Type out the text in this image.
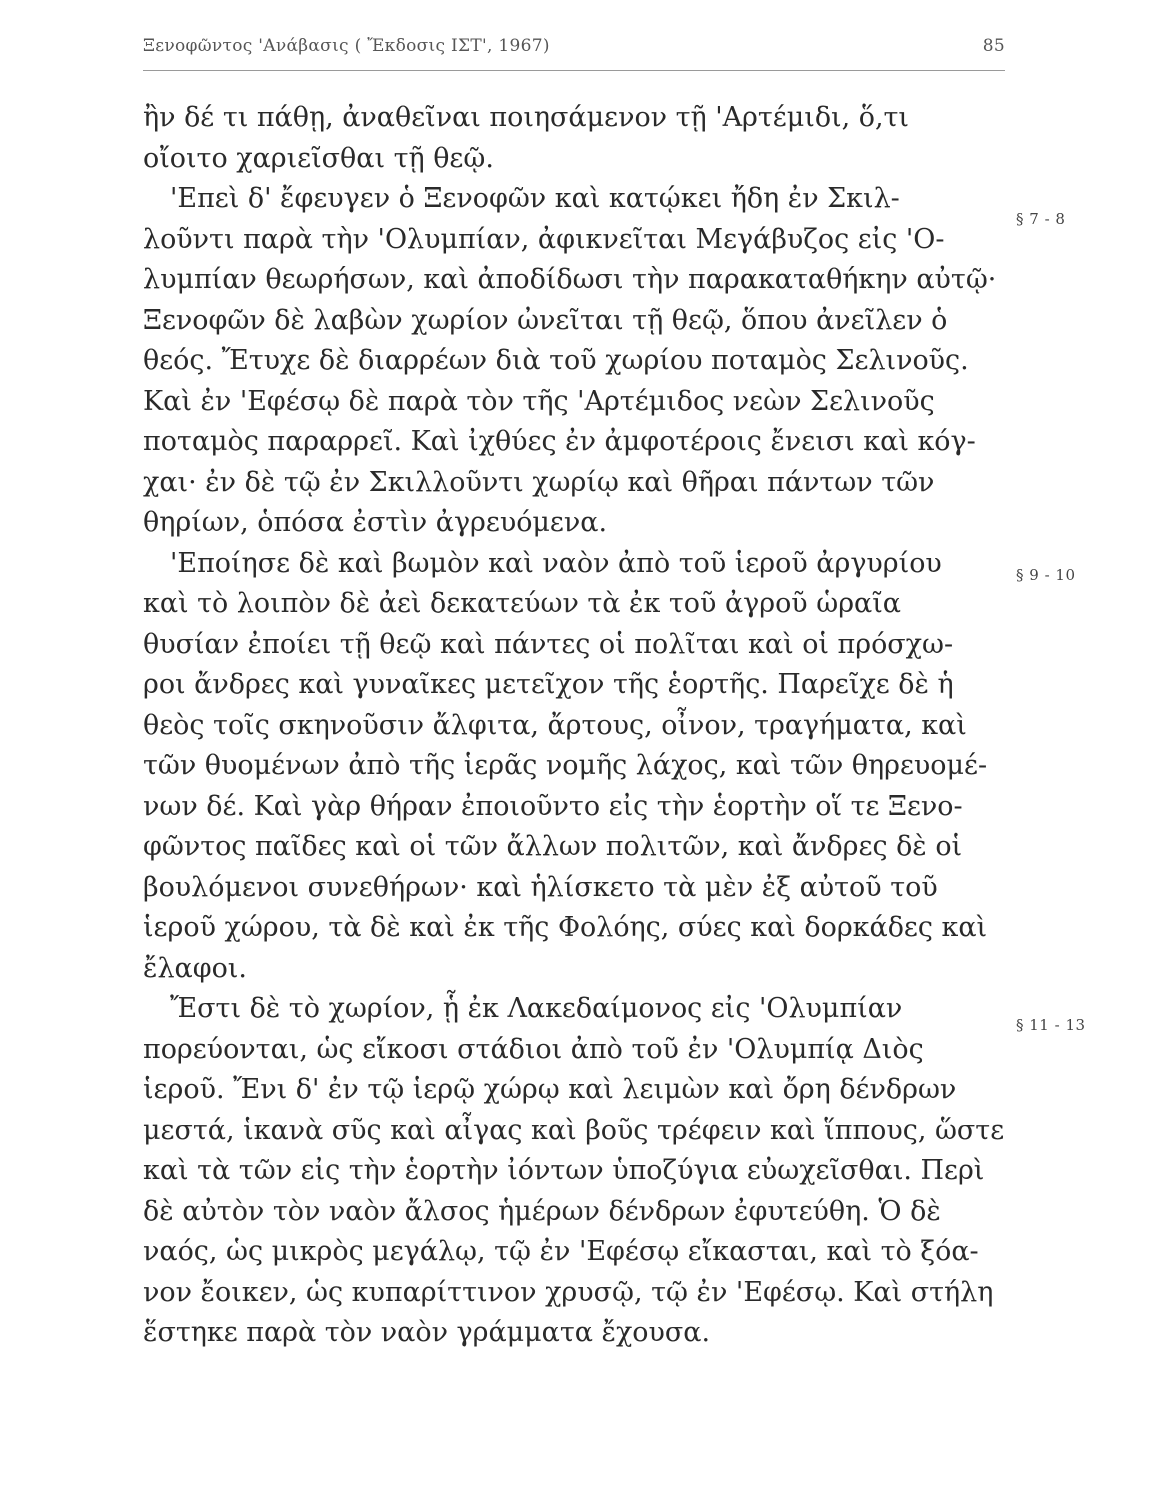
Ξενοφῶντος 'Ανάβασις ( Ἔκδοσις ΙΣΤ', 1967)	85
ἢν δέ τι πάθῃ, ἀναθεῖναι ποιησάμενον τῇ 'Αρτέμιδι, ὅ,τι
οἴοιτο χαριεῖσθαι τῇ θεῷ.
'Επεὶ δ' ἔφευγεν ὁ Ξενοφῶν καὶ κατῴκει ἤδη ἐν Σκιλ-
λοῦντι παρὰ τὴν 'Ολυμπίαν, ἀφικνεῖται Μεγάβυζος εἰς 'Ο-
λυμπίαν θεωρήσων, καὶ ἀποδίδωσι τὴν παρακαταθήκην αὐτῷ·
Ξενοφῶν δὲ λαβὼν χωρίον ὠνεῖται τῇ θεῷ, ὅπου ἀνεῖλεν ὁ
θεός. Ἔτυχε δὲ διαρρέων διὰ τοῦ χωρίου ποταμὸς Σελινοῦς.
Καὶ ἐν 'Εφέσῳ δὲ παρὰ τὸν τῆς 'Αρτέμιδος νεὼν Σελινοῦς
ποταμὸς παραρρεῖ. Καὶ ἰχθύες ἐν ἀμφοτέροις ἔνεισι καὶ κόγ-
χαι· ἐν δὲ τῷ ἐν Σκιλλοῦντι χωρίῳ καὶ θῆραι πάντων τῶν
θηρίων, ὁπόσα ἐστὶν ἀγρευόμενα.
'Εποίησε δὲ καὶ βωμὸν καὶ ναὸν ἀπὸ τοῦ ἱεροῦ ἀργυρίου
καὶ τὸ λοιπὸν δὲ ἀεὶ δεκατεύων τὰ ἐκ τοῦ ἀγροῦ ὡραῖα
θυσίαν ἐποίει τῇ θεῷ καὶ πάντες οἱ πολῖται καὶ οἱ πρόσχω-
ροι ἄνδρες καὶ γυναῖκες μετεῖχον τῆς ἑορτῆς. Παρεῖχε δὲ ἡ
θεὸς τοῖς σκηνοῦσιν ἄλφιτα, ἄρτους, οἶνον, τραγήματα, καὶ
τῶν θυομένων ἀπὸ τῆς ἱερᾶς νομῆς λάχος, καὶ τῶν θηρευομέ-
νων δέ. Καὶ γὰρ θήραν ἐποιοῦντο εἰς τὴν ἑορτὴν οἵ τε Ξενο-
φῶντος παῖδες καὶ οἱ τῶν ἄλλων πολιτῶν, καὶ ἄνδρες δὲ οἱ
βουλόμενοι συνεθήρων· καὶ ἡλίσκετο τὰ μὲν ἐξ αὐτοῦ τοῦ
ἱεροῦ χώρου, τὰ δὲ καὶ ἐκ τῆς Φολόης, σύες καὶ δορκάδες καὶ
ἔλαφοι.
Ἔστι δὲ τὸ χωρίον, ᾗ ἐκ Λακεδαίμονος εἰς 'Ολυμπίαν
πορεύονται, ὡς εἴκοσι στάδιοι ἀπὸ τοῦ ἐν 'Ολυμπίᾳ Διὸς
ἱεροῦ. Ἔνι δ' ἐν τῷ ἱερῷ χώρῳ καὶ λειμὼν καὶ ὄρη δένδρων
μεστά, ἱκανὰ σῦς καὶ αἶγας καὶ βοῦς τρέφειν καὶ ἵππους, ὥστε
καὶ τὰ τῶν εἰς τὴν ἑορτὴν ἰόντων ὑποζύγια εὐωχεῖσθαι. Περὶ
δὲ αὐτὸν τὸν ναὸν ἄλσος ἡμέρων δένδρων ἐφυτεύθη. Ὁ δὲ
ναός, ὡς μικρὸς μεγάλῳ, τῷ ἐν 'Εφέσῳ εἴκασται, καὶ τὸ ξόα-
νον ἔοικεν, ὡς κυπαρίττινον χρυσῷ, τῷ ἐν 'Εφέσῳ. Καὶ στήλη
ἕστηκε παρὰ τὸν ναὸν γράμματα ἔχουσα.
§ 7 - 8
§ 9 - 10
§ 11 - 13
